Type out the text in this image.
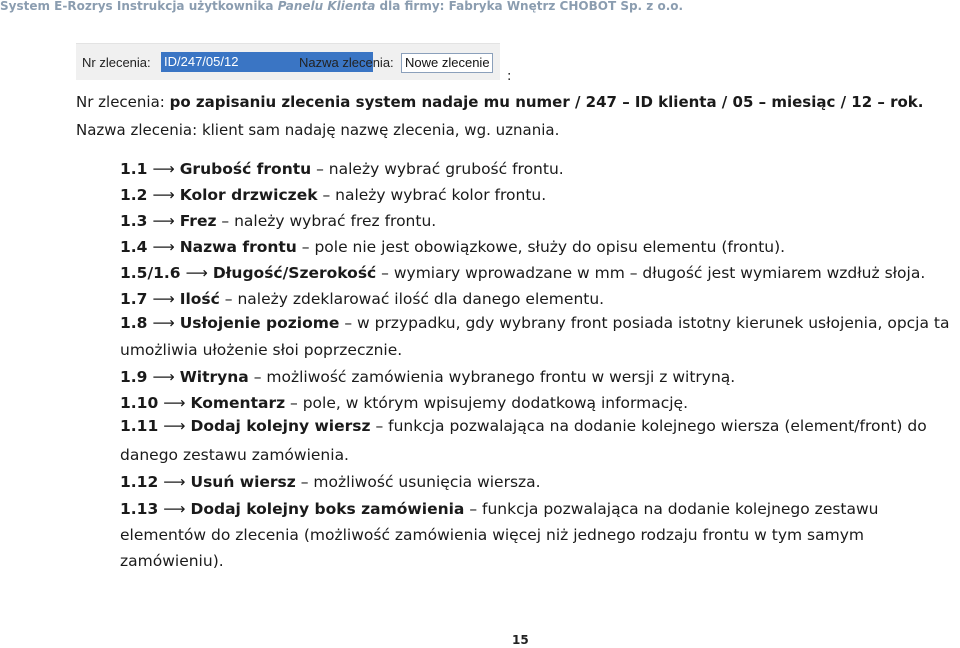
System E-Rozrys Instrukcja użytkownika Panelu Klienta dla firmy: Fabryka Wnętrz CHOBOT Sp. z o.o.
Nr zlecenia: ID/247/05/12	Nazwa zlecenia: Nowe zlecenie
:
Nr zlecenia: po zapisaniu zlecenia system nadaje mu numer / 247 – ID klienta / 05 – miesiąc / 12 – rok.
Nazwa zlecenia: klient sam nadaję nazwę zlecenia, wg. uznania.
1.1 ⟶ Grubość frontu – należy wybrać grubość frontu.
1.2 ⟶ Kolor drzwiczek – należy wybrać kolor frontu.
1.3 ⟶ Frez – należy wybrać frez frontu.
1.4 ⟶ Nazwa frontu – pole nie jest obowiązkowe, służy do opisu elementu (frontu).
1.5/1.6 ⟶ Długość/Szerokość – wymiary wprowadzane w mm – długość jest wymiarem wzdłuż słoja.
1.7 ⟶ Ilość – należy zdeklarować ilość dla danego elementu.
1.8 ⟶ Usłojenie poziome – w przypadku, gdy wybrany front posiada istotny kierunek usłojenia, opcja ta umożliwia ułożenie słoi poprzecznie.
1.9 ⟶ Witryna – możliwość zamówienia wybranego frontu w wersji z witryną.
1.10 ⟶ Komentarz – pole, w którym wpisujemy dodatkową informację.
1.11 ⟶ Dodaj kolejny wiersz – funkcja pozwalająca na dodanie kolejnego wiersza (element/front) do danego zestawu zamówienia.
1.12 ⟶ Usuń wiersz – możliwość usunięcia wiersza.
1.13 ⟶ Dodaj kolejny boks zamówienia – funkcja pozwalająca na dodanie kolejnego zestawu elementów do zlecenia (możliwość zamówienia więcej niż jednego rodzaju frontu w tym samym zamówieniu).
15
